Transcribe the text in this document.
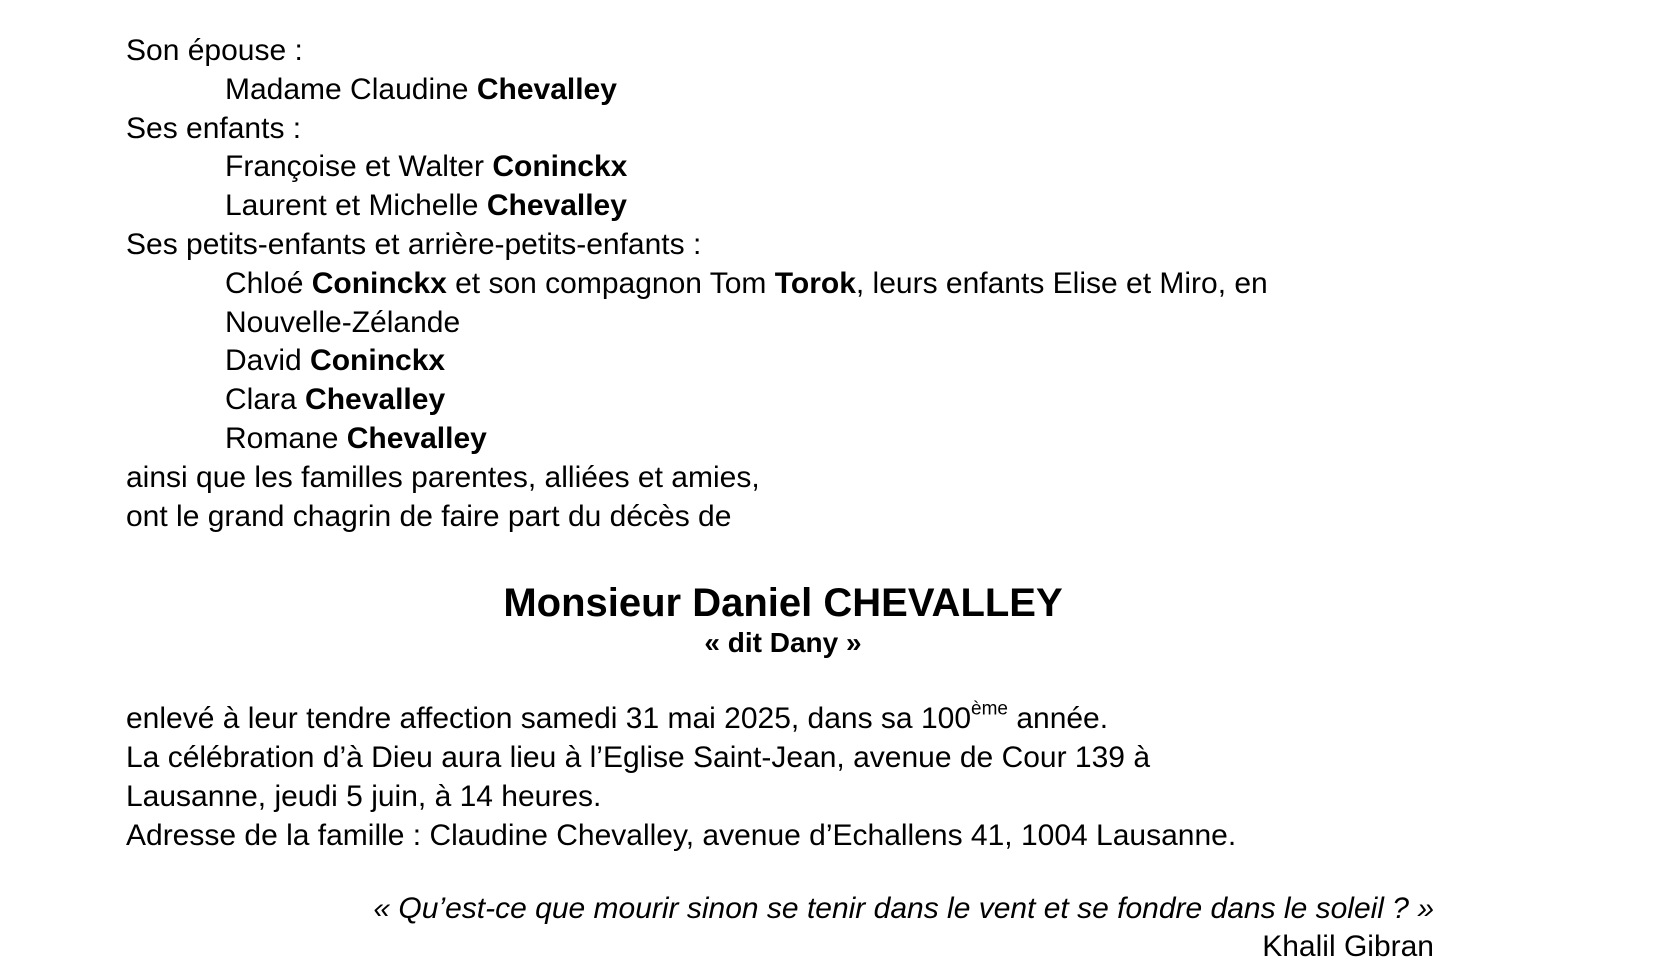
Son épouse :

Madame Claudine Chevalley

Ses enfants :

Françoise et Walter Coninckx

Laurent et Michelle Chevalley

Ses petits-enfants et arrière-petits-enfants :

Chloé Coninckx et son compagnon Tom Torok, leurs enfants Elise et Miro, en

Nouvelle-Zélande

David Coninckx

Clara Chevalley

Romane Chevalley

ainsi que les familles parentes, alliées et amies,

ont le grand chagrin de faire part du décès de

Monsieur Daniel CHEVALLEY

« dit Dany »

enlevé à leur tendre affection samedi 31 mai 2025, dans sa 100ème année.

La célébration d’à Dieu aura lieu à l’Eglise Saint-Jean, avenue de Cour 139 à

Lausanne, jeudi 5 juin, à 14 heures.

Adresse de la famille : Claudine Chevalley, avenue d’Echallens 41, 1004 Lausanne.

« Qu’est-ce que mourir sinon se tenir dans le vent et se fondre dans le soleil ? »

Khalil Gibran
